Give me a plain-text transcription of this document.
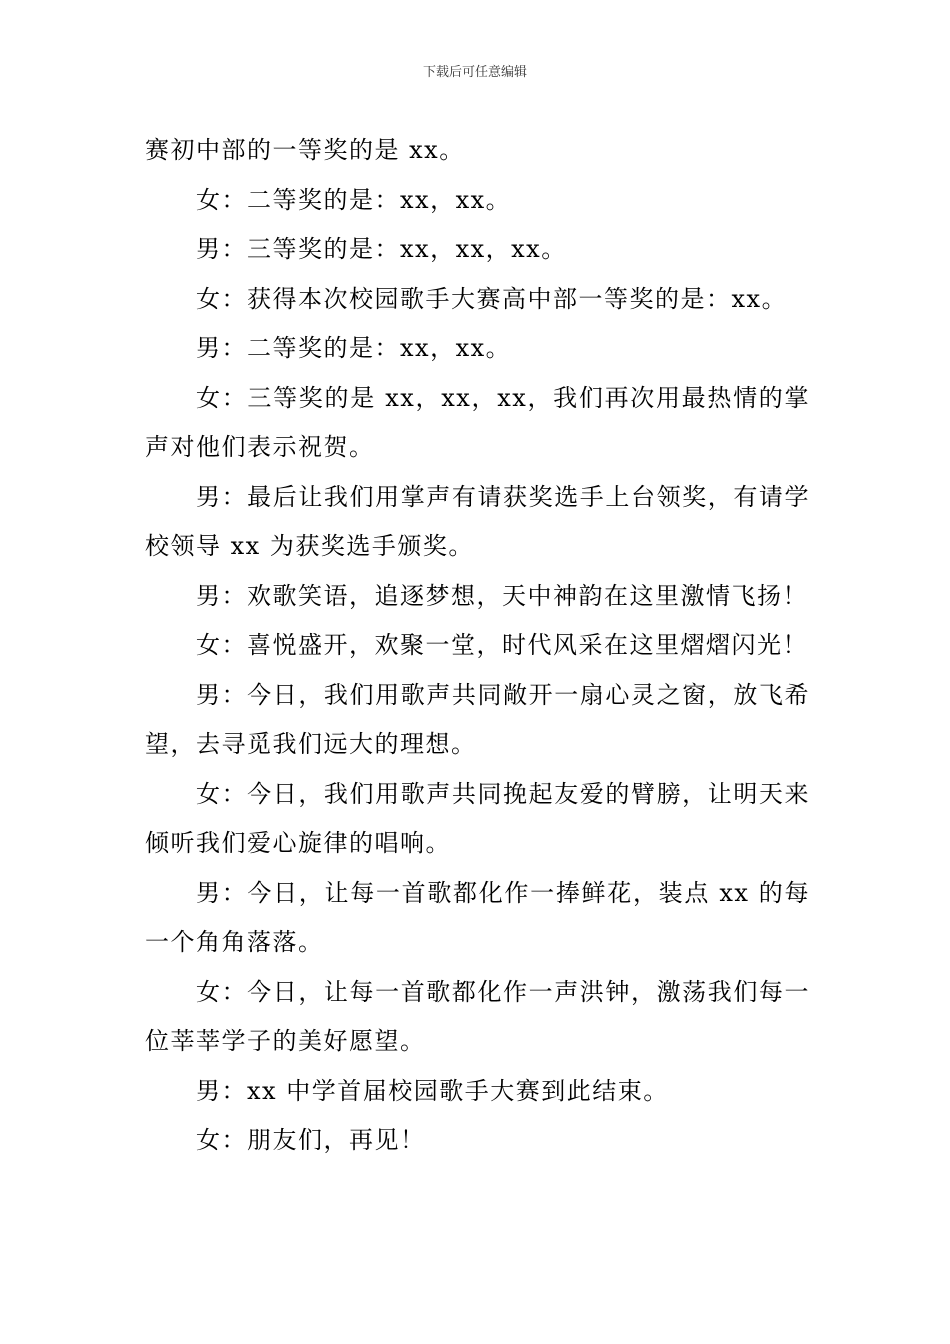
下载后可任意编辑

赛初中部的一等奖的是 xx。

女：二等奖的是：xx，xx。

男：三等奖的是：xx，xx，xx。

女：获得本次校园歌手大赛高中部一等奖的是：xx。

男：二等奖的是：xx，xx。

女：三等奖的是 xx，xx，xx，我们再次用最热情的掌声对他们表示祝贺。

男：最后让我们用掌声有请获奖选手上台领奖，有请学校领导 xx 为获奖选手颁奖。

男：欢歌笑语，追逐梦想，天中神韵在这里激情飞扬！

女：喜悦盛开，欢聚一堂，时代风采在这里熠熠闪光！

男：今日，我们用歌声共同敞开一扇心灵之窗，放飞希望，去寻觅我们远大的理想。

女：今日，我们用歌声共同挽起友爱的臂膀，让明天来倾听我们爱心旋律的唱响。

男：今日，让每一首歌都化作一捧鲜花，装点 xx 的每一个角角落落。

女：今日，让每一首歌都化作一声洪钟，激荡我们每一位莘莘学子的美好愿望。

男：xx 中学首届校园歌手大赛到此结束。

女：朋友们，再见！
